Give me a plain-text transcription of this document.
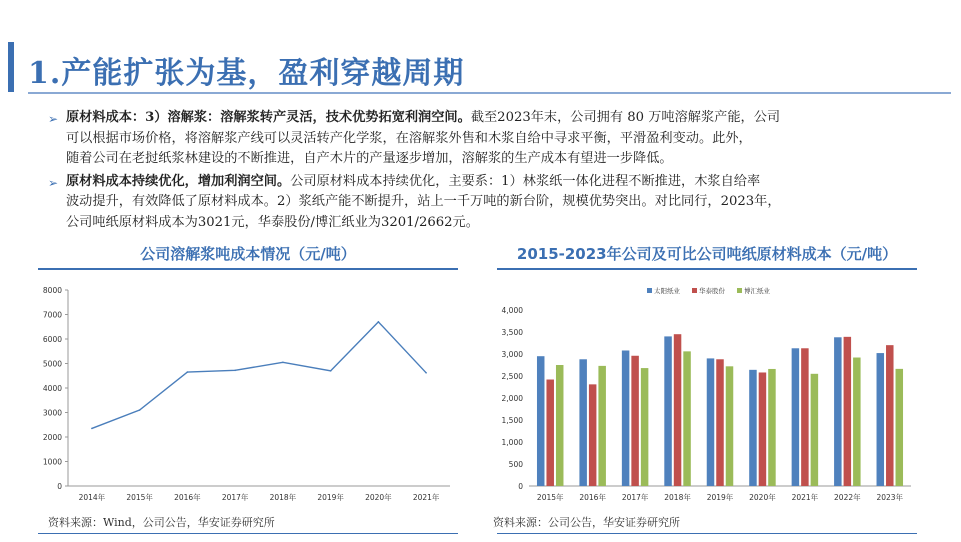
1.产能扩张为基，盈利穿越周期
➢ 原材料成本：3）溶解浆：溶解浆转产灵活，技术优势拓宽利润空间。截至2023年末，公司拥有 80 万吨溶解浆产能，公司
可以根据市场价格，将溶解浆产线可以灵活转产化学浆，在溶解浆外售和木浆自给中寻求平衡，平滑盈利变动。此外，
随着公司在老挝纸浆林建设的不断推进，自产木片的产量逐步增加，溶解浆的生产成本有望进一步降低。
➢ 原材料成本持续优化，增加利润空间。公司原材料成本持续优化，主要系：1）林浆纸一体化进程不断推进，木浆自给率
波动提升，有效降低了原材料成本。2）浆纸产能不断提升，站上一千万吨的新台阶，规模优势突出。对比同行，2023年，
公司吨纸原材料成本为3021元，华泰股份/博汇纸业为3201/2662元。
公司溶解浆吨成本情况（元/吨）
0
1000
2000
3000
4000
5000
6000
7000
8000
2014年	2015年	2016年	2017年	2018年	2019年	2020年	2021年
资料来源：Wind，公司公告，华安证券研究所
2015-2023年公司及可比公司吨纸原材料成本（元/吨）
0
500
1,000
1,500
2,000
2,500
3,000
3,500
4,000
太阳纸业	华泰股份	博汇纸业
2015年 2016年 2017年 2018年 2019年 2020年 2021年 2022年 2023年
资料来源：公司公告，华安证券研究所
